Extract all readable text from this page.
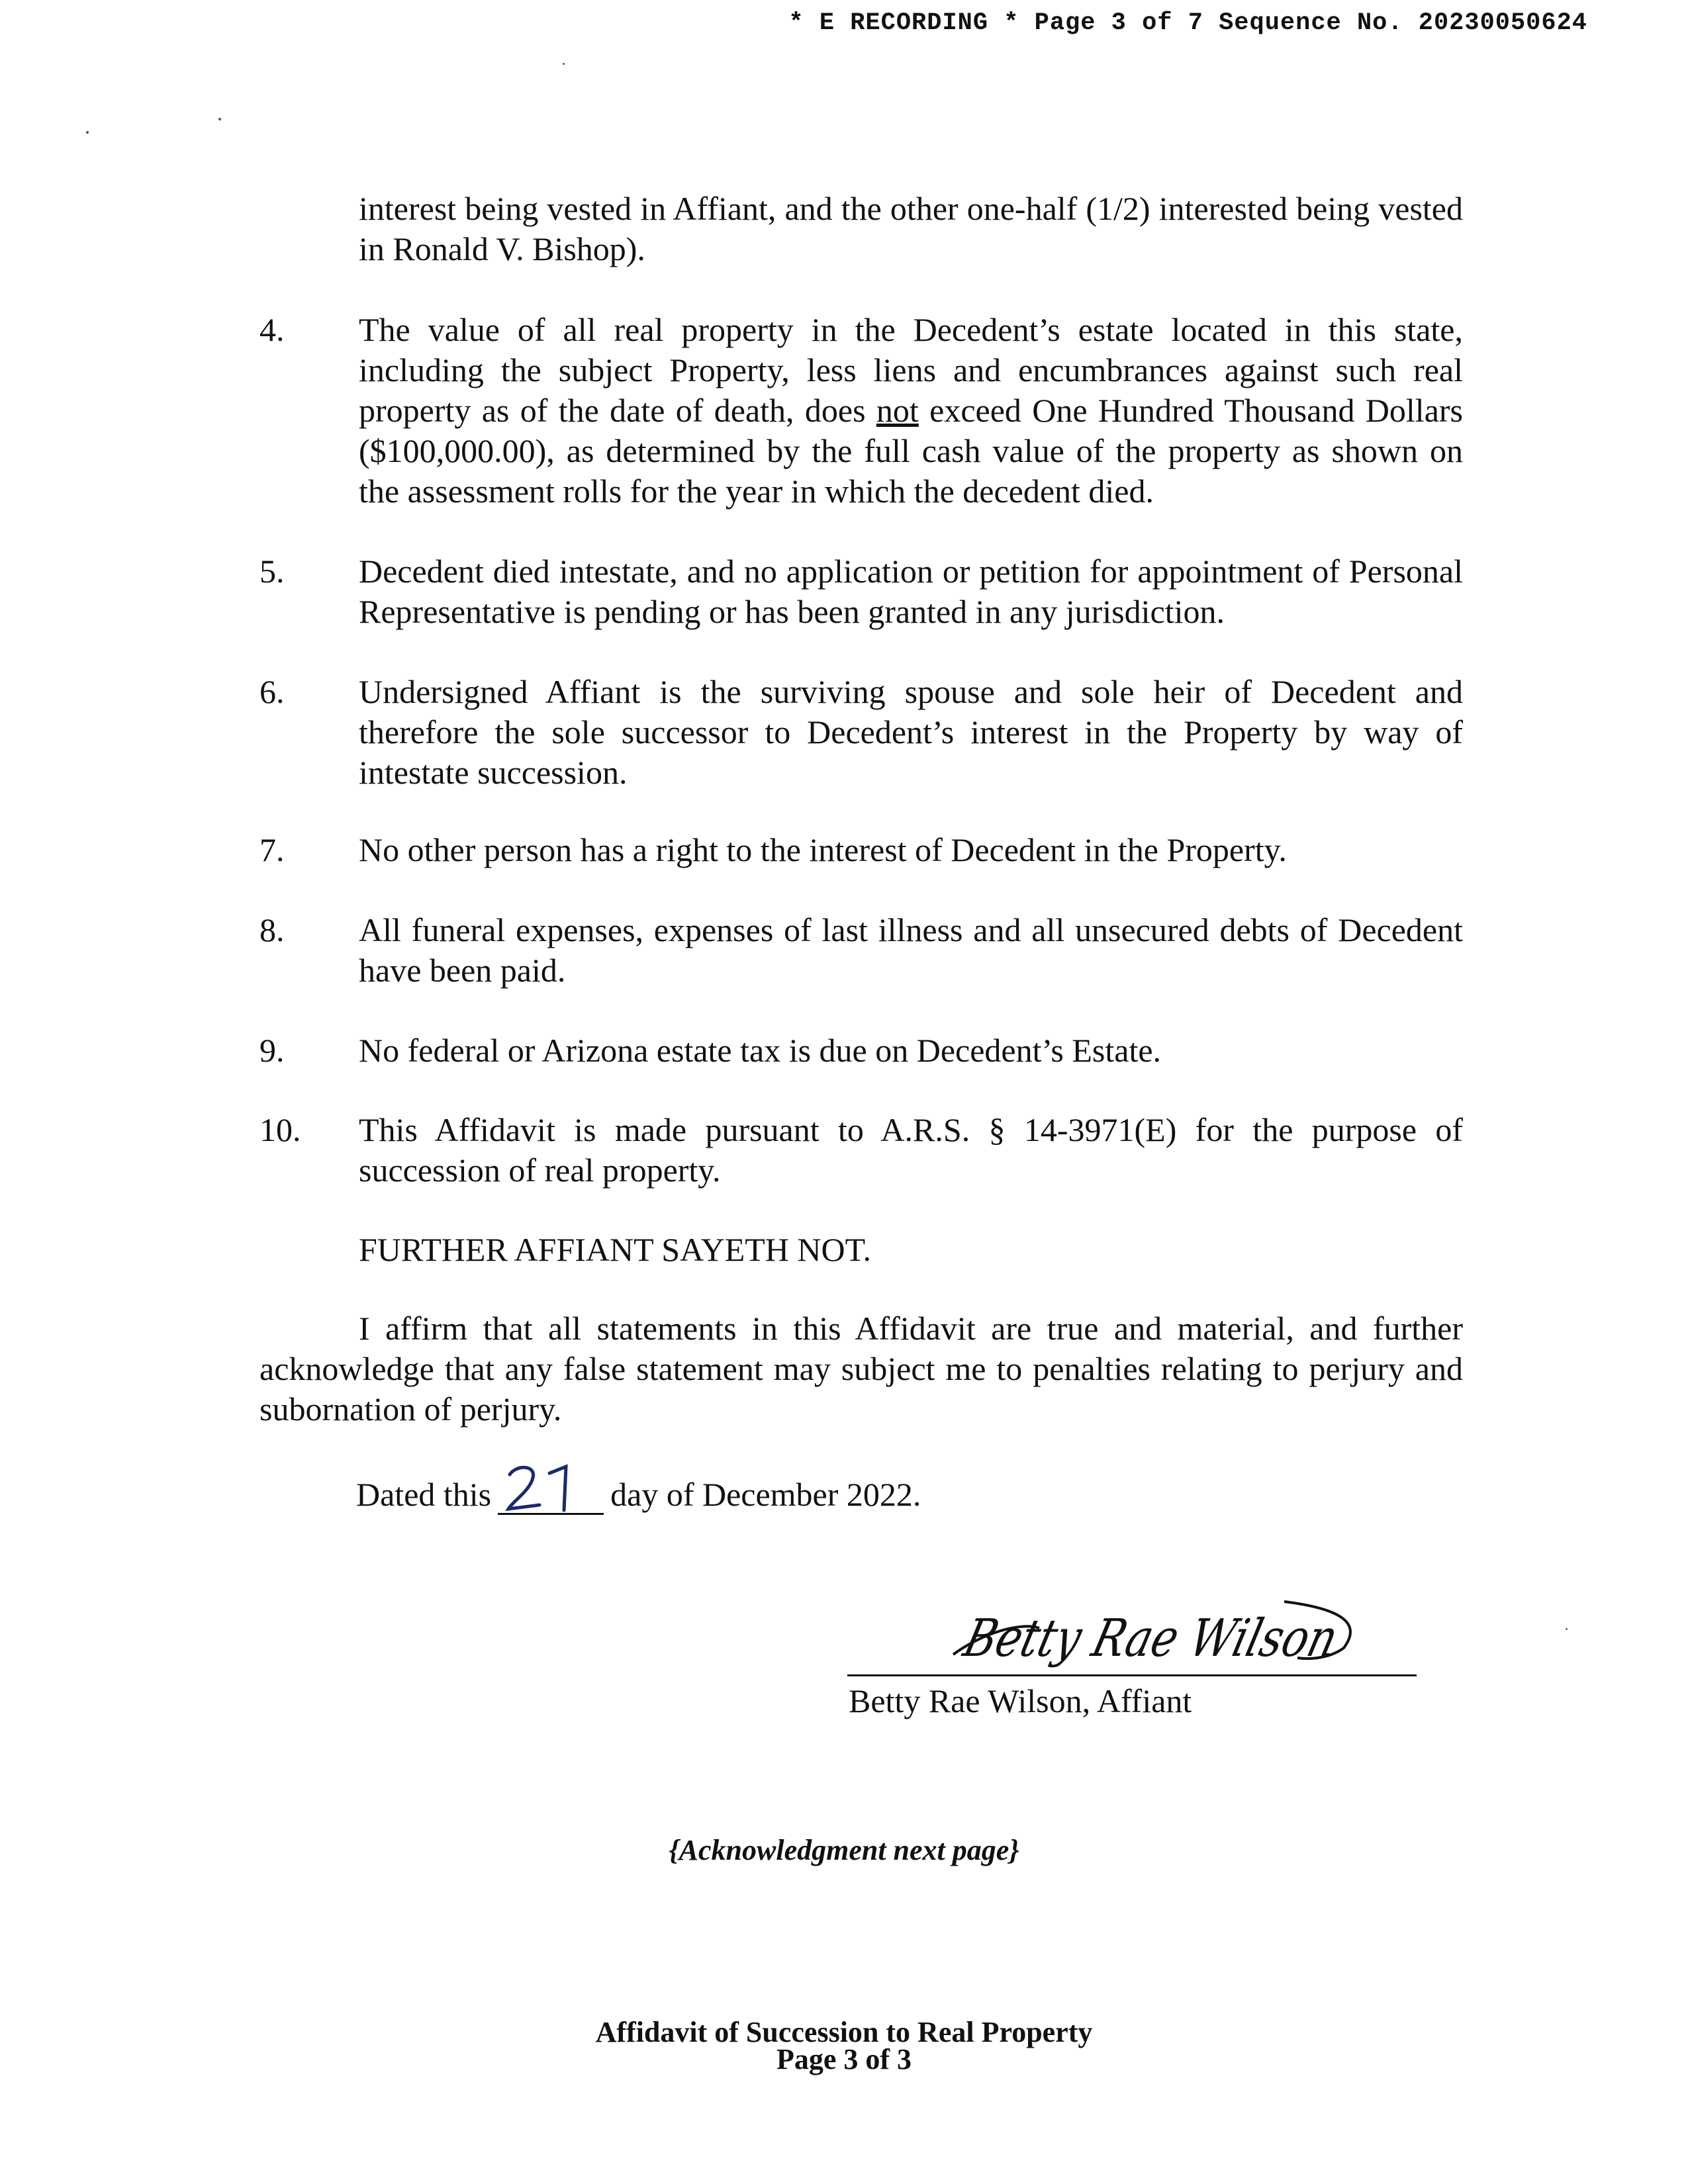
* E RECORDING * Page 3 of 7 Sequence No. 20230050624
interest being vested in Affiant, and the other one-half (1/2) interested being vested in Ronald V. Bishop).
4. The value of all real property in the Decedent’s estate located in this state, including the subject Property, less liens and encumbrances against such real property as of the date of death, does not exceed One Hundred Thousand Dollars ($100,000.00), as determined by the full cash value of the property as shown on the assessment rolls for the year in which the decedent died.
5. Decedent died intestate, and no application or petition for appointment of Personal Representative is pending or has been granted in any jurisdiction.
6. Undersigned Affiant is the surviving spouse and sole heir of Decedent and therefore the sole successor to Decedent’s interest in the Property by way of intestate succession.
7. No other person has a right to the interest of Decedent in the Property.
8. All funeral expenses, expenses of last illness and all unsecured debts of Decedent have been paid.
9. No federal or Arizona estate tax is due on Decedent’s Estate.
10. This Affidavit is made pursuant to A.R.S. § 14-3971(E) for the purpose of succession of real property.
FURTHER AFFIANT SAYETH NOT.
I affirm that all statements in this Affidavit are true and material, and further acknowledge that any false statement may subject me to penalties relating to perjury and subornation of perjury.
Dated this	day of December 2022.
Betty Rae Wilson
Betty Rae Wilson, Affiant
{Acknowledgment next page}
Affidavit of Succession to Real Property
Page 3 of 3
